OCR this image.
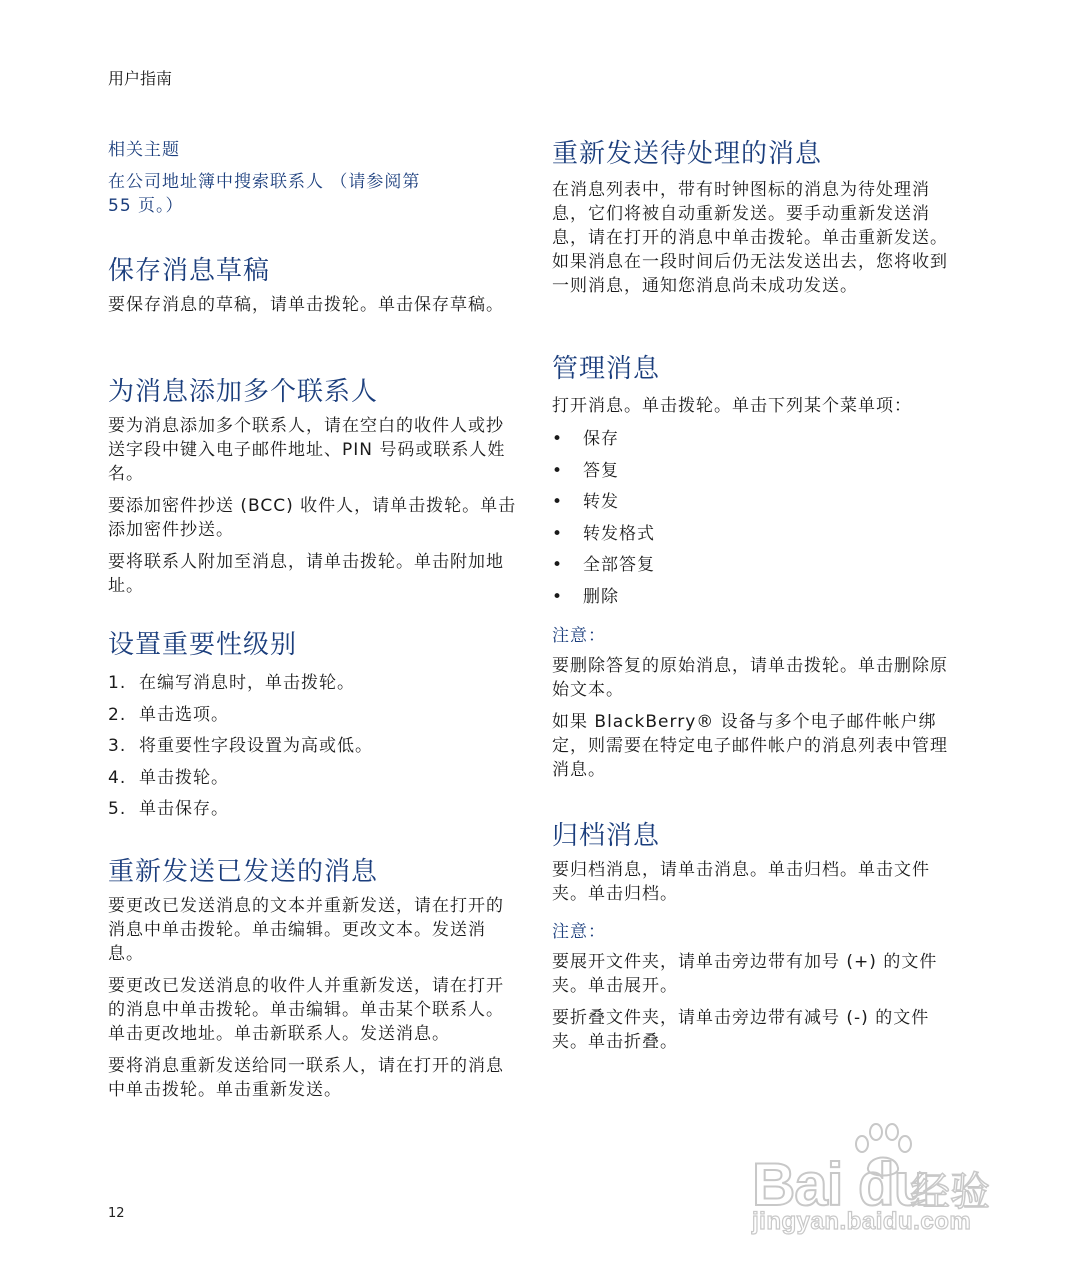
用户指南

相关主题

在公司地址簿中搜索联系人 （请参阅第

55 页。）

保存消息草稿

要保存消息的草稿，请单击拨轮。单击保存草稿。

为消息添加多个联系人

要为消息添加多个联系人，请在空白的收件人或抄送字段中键入电子邮件地址、PIN 号码或联系人姓名。

要添加密件抄送 (BCC) 收件人，请单击拨轮。单击添加密件抄送。

要将联系人附加至消息，请单击拨轮。单击附加地址。

设置重要性级别
1. 在编写消息时，单击拨轮。
2. 单击选项。
3. 将重要性字段设置为高或低。
4. 单击拨轮。
5. 单击保存。
重新发送已发送的消息

要更改已发送消息的文本并重新发送，请在打开的消息中单击拨轮。单击编辑。更改文本。发送消息。

要更改已发送消息的收件人并重新发送，请在打开的消息中单击拨轮。单击编辑。单击某个联系人。单击更改地址。单击新联系人。发送消息。

要将消息重新发送给同一联系人，请在打开的消息中单击拨轮。单击重新发送。

重新发送待处理的消息

在消息列表中，带有时钟图标的消息为待处理消息，它们将被自动重新发送。要手动重新发送消息，请在打开的消息中单击拨轮。单击重新发送。如果消息在一段时间后仍无法发送出去，您将收到一则消息，通知您消息尚未成功发送。

管理消息

打开消息。单击拨轮。单击下列某个菜单项：

•	保存
•	答复
•	转发
•	转发格式
•	全部答复
•	删除

注意：

要删除答复的原始消息，请单击拨轮。单击删除原始文本。

如果 BlackBerry® 设备与多个电子邮件帐户绑定，则需要在特定电子邮件帐户的消息列表中管理消息。

归档消息

要归档消息，请单击消息。单击归档。单击文件夹。单击归档。

注意：

要展开文件夹，请单击旁边带有加号 (+) 的文件夹。单击展开。

要折叠文件夹，请单击旁边带有减号 (-) 的文件夹。单击折叠。

12	Bai du
经验
jingyan.baidu.com
